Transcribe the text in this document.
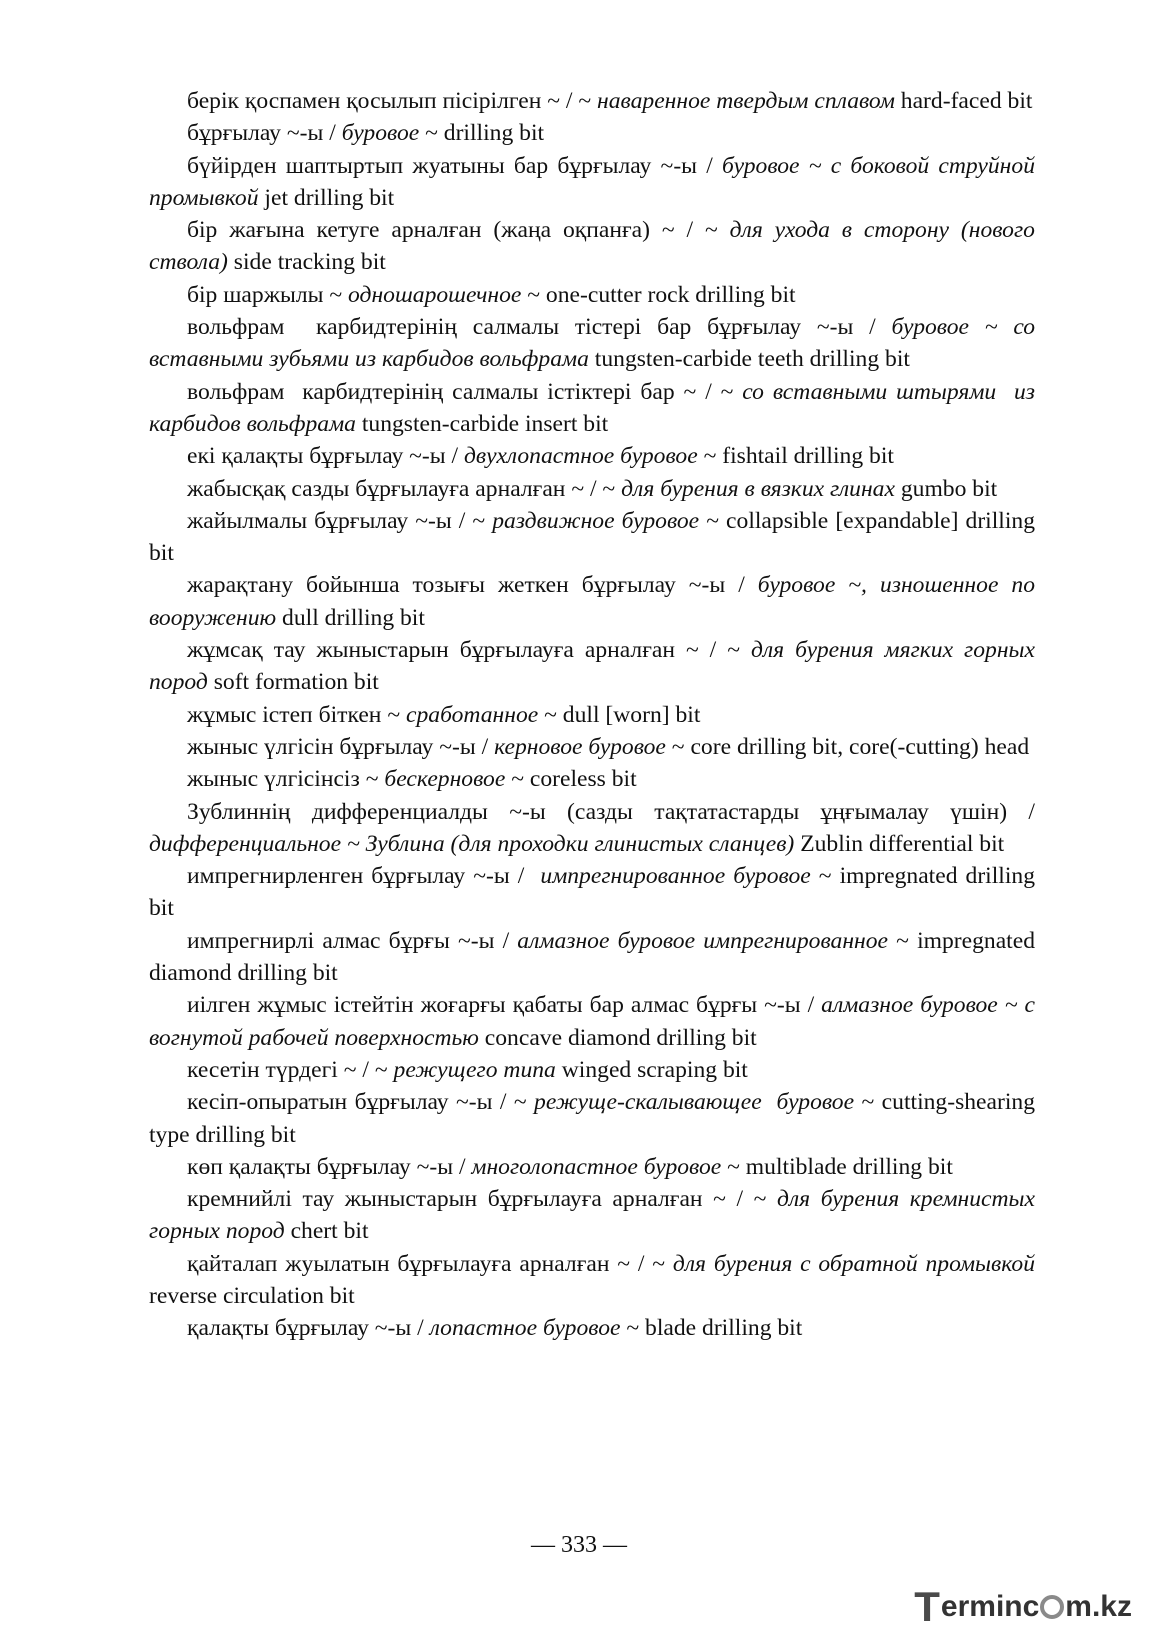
берік қоспамен қосылып пісірілген ~ / ~ наваренное твердым сплавом hard-faced bit

бұрғылау ~-ы / буровое ~ drilling bit

бүйірден шаптыртып жуатыны бар бұрғылау ~-ы / буровое ~ с боковой струйной промывкой jet drilling bit

бір жағына кетуге арналған (жаңа оқпанға) ~ / ~ для ухода в сторону (нового ствола) side tracking bit

бір шаржылы ~ одношарошечное ~ one-cutter rock drilling bit

вольфрам  карбидтерінің салмалы тістері бар бұрғылау ~-ы / буровое ~ со вставными зубьями из карбидов вольфрама tungsten-carbide teeth drilling bit

вольфрам  карбидтерінің салмалы істіктері бар ~ / ~ со вставными штырями  из  карбидов вольфрама tungsten-carbide insert bit

екі қалақты бұрғылау ~-ы / двухлопастное буровое ~ fishtail drilling bit

жабысқақ сазды бұрғылауға арналған ~ / ~ для бурения в вязких глинах gumbo bit

жайылмалы бұрғылау ~-ы / ~ раздвижное буровое ~ collapsible [expandable] drilling bit

жарақтану бойынша тозығы жеткен бұрғылау ~-ы / буровое ~, изношенное по вооружению dull drilling bit

жұмсақ тау жыныстарын бұрғылауға арналған ~ / ~ для бурения мягких горных пород soft formation bit

жұмыс істеп біткен ~ сработанное ~ dull [worn] bit

жыныс үлгісін бұрғылау ~-ы / керновое буровое ~ core drilling bit, core(-cutting) head

жыныс үлгісінсіз ~ бескерновое ~ coreless bit

Зублиннің дифференциалды ~-ы (сазды тақтатастарды ұңғымалау үшін) / дифференциальное ~ Зублина (для проходки глинистых сланцев) Zublin differential bit

импрегнирленген бұрғылау ~-ы /  импрегнированное буровое ~ impregnated drilling bit

импрегнирлі алмас бұрғы ~-ы / алмазное буровое импрегнированное ~ impregnated diamond drilling bit

иілген жұмыс істейтін жоғарғы қабаты бар алмас бұрғы ~-ы / алмазное буровое ~ с вогнутой рабочей поверхностью concave diamond drilling bit

кесетін түрдегі ~ / ~ режущего типа winged scraping bit

кесіп-опыратын бұрғылау ~-ы / ~ режуще-скалывающее  буровое ~ cutting-shearing type drilling bit

көп қалақты бұрғылау ~-ы / многолопастное буровое ~ multiblade drilling bit

кремнийлі тау жыныстарын бұрғылауға арналған ~ / ~ для бурения кремнистых горных пород chert bit

қайталап жуылатын бұрғылауға арналған ~ / ~ для бурения с обратной промывкой reverse circulation bit

қалақты бұрғылау ~-ы / лопастное буровое ~ blade drilling bit

— 333 —
T erminc m.kz
